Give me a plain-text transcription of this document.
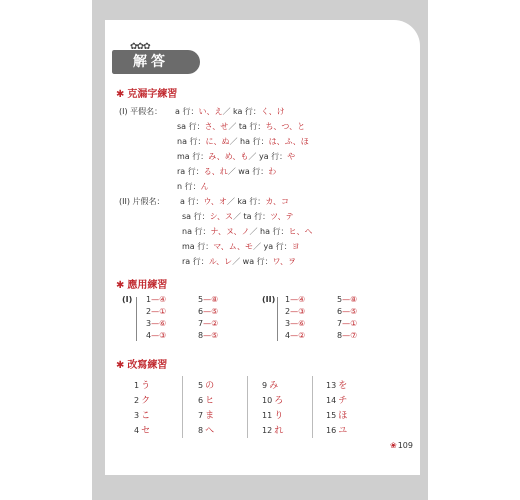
✿✿✿
解答
✱ 克漏字練習
(I) 平假名： a 行：い、え／ ka 行：く、け
sa 行：さ、せ／ ta 行：ち、つ、と
na 行：に、ぬ／ ha 行：は、ふ、ほ
ma 行：み、め、も／ ya 行：や
ra 行：る、れ／ wa 行：わ
n 行：ん
(II) 片假名： a 行：ウ、オ／ ka 行：カ、コ
sa 行：シ、ス／ ta 行：ツ、テ
na 行：ナ、ヌ、ノ／ ha 行：ヒ、ヘ
ma 行：マ、ム、モ／ ya 行：ヨ
ra 行：ル、レ／ wa 行：ワ、ヲ
✱ 應用練習
(I)	(II)
1—④
2—①
3—⑥
4—③
5—⑧
6—⑤
7—②
8—⑤
1—④
2—③
3—⑥
4—②
5—⑧
6—⑤
7—①
8—⑦
✱ 改寫練習
1 う
2 ク
3 こ
4 セ
5 の
6 ヒ
7 ま
8 へ
9 み
10 ろ
11 り
12 れ
13 を
14 チ
15 ほ
16 ユ
❀109
